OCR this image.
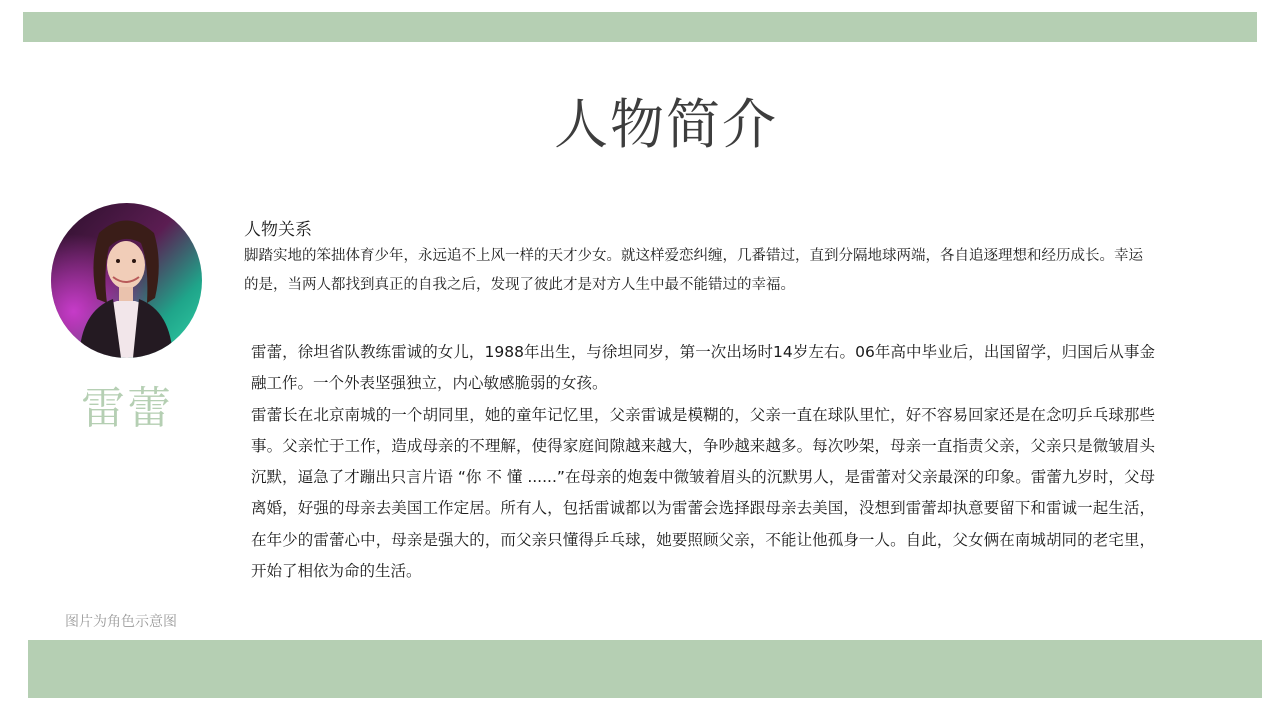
人物简介
雷蕾
图片为角色示意图
人物关系
脚踏实地的笨拙体育少年，永远追不上风一样的天才少女。就这样爱恋纠缠，几番错过，直到分隔地球两端，各自追逐理想和经历成长。幸运的是，当两人都找到真正的自我之后，发现了彼此才是对方人生中最不能错过的幸福。

雷蕾，徐坦省队教练雷诚的女儿，1988年出生，与徐坦同岁，第一次出场时14岁左右。06年高中毕业后，出国留学，归国后从事金融工作。一个外表坚强独立，内心敏感脆弱的女孩。

雷蕾长在北京南城的一个胡同里，她的童年记忆里，父亲雷诚是模糊的，父亲一直在球队里忙，好不容易回家还是在念叨乒乓球那些事。父亲忙于工作，造成母亲的不理解，使得家庭间隙越来越大，争吵越来越多。每次吵架，母亲一直指责父亲，父亲只是微皱眉头沉默，逼急了才蹦出只言片语 “你 不 懂 ......”在母亲的炮轰中微皱着眉头的沉默男人，是雷蕾对父亲最深的印象。雷蕾九岁时，父母离婚，好强的母亲去美国工作定居。所有人，包括雷诚都以为雷蕾会选择跟母亲去美国，没想到雷蕾却执意要留下和雷诚一起生活，在年少的雷蕾心中，母亲是强大的，而父亲只懂得乒乓球，她要照顾父亲，不能让他孤身一人。自此，父女俩在南城胡同的老宅里，开始了相依为命的生活。
